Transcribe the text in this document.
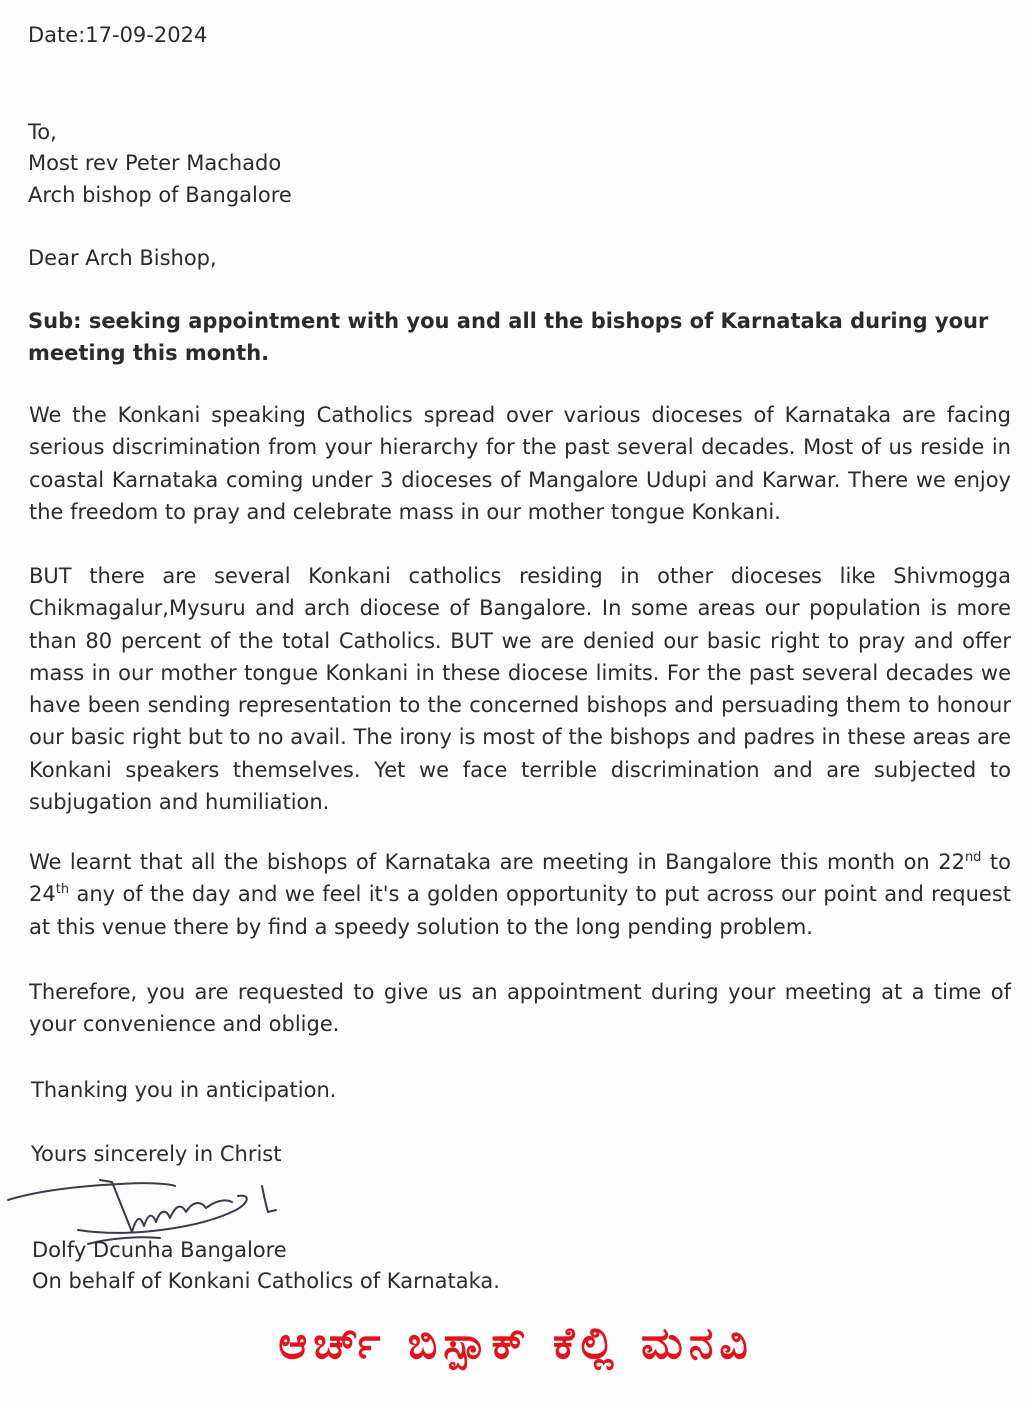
Date:17-09-2024
To,
Most rev Peter Machado
Arch bishop of Bangalore
Dear Arch Bishop,
Sub: seeking appointment with you and all the bishops of Karnataka during your
meeting this month.

We the Konkani speaking Catholics spread over various dioceses of Karnataka are facing serious discrimination from your hierarchy for the past several decades. Most of us reside in coastal Karnataka coming under 3 dioceses of Mangalore Udupi and Karwar. There we enjoy the freedom to pray and celebrate mass in our mother tongue Konkani.

BUT there are several Konkani catholics residing in other dioceses like Shivmogga Chikmagalur,Mysuru and arch diocese of Bangalore. In some areas our population is more than 80 percent of the total Catholics. BUT we are denied our basic right to pray and offer mass in our mother tongue Konkani in these diocese limits. For the past several decades we have been sending representation to the concerned bishops and persuading them to honour our basic right but to no avail. The irony is most of the bishops and padres in these areas are Konkani speakers themselves. Yet we face terrible discrimination and are subjected to subjugation and humiliation.

We learnt that all the bishops of Karnataka are meeting in Bangalore this month on 22nd to 24th any of the day and we feel it's a golden opportunity to put across our point and request at this venue there by find a speedy solution to the long pending problem.

Therefore, you are requested to give us an appointment during your meeting at a time of your convenience and oblige.

Thanking you in anticipation.
Yours sincerely in Christ
Dolfy Dcunha Bangalore
On behalf of Konkani Catholics of Karnataka.
ಆರ್ಚ್ ಬಿಸ್ಪಾಕ್ ಕೆಲ್ಲಿ ಮನವಿ
